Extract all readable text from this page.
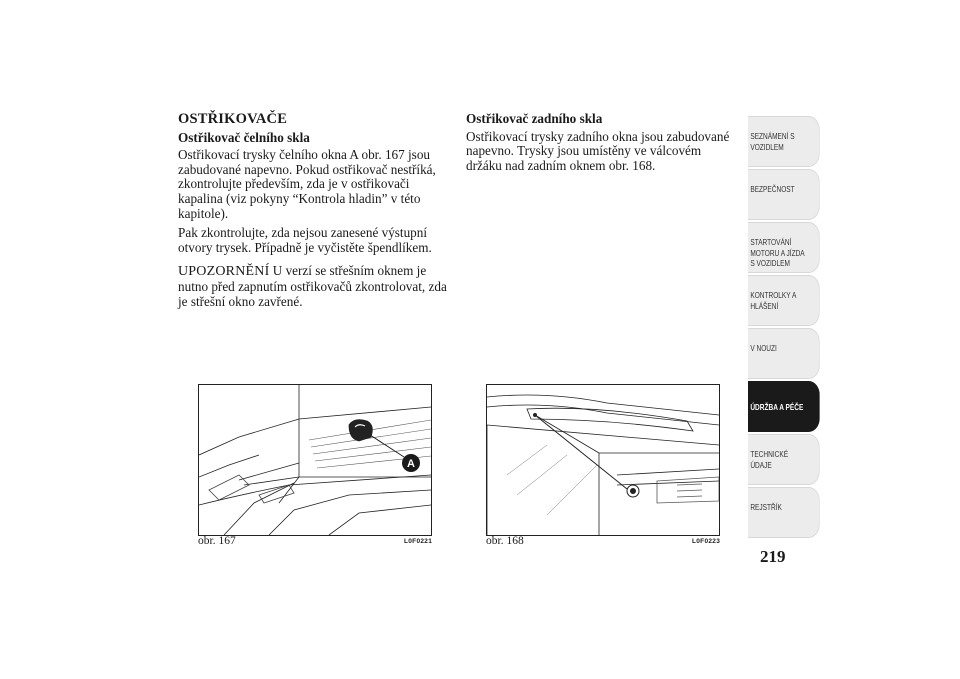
OSTŘIKOVAČE
Ostřikovač čelního skla

Ostřikovací trysky čelního okna A obr. 167 jsou zabudované napevno. Pokud ostřikovač nestříká, zkontrolujte především, zda je v ostřikovači kapalina (viz pokyny “Kontrola hladin” v této kapitole).

Pak zkontrolujte, zda nejsou zanesené výstupní otvory trysek. Případně je vyčistěte špendlíkem.

UPOZORNĚNÍ U verzí se střešním oknem je nutno před zapnutím ostřikovačů zkontrolovat, zda je střešní okno zavřené.

Ostřikovač zadního skla

Ostřikovací trysky zadního okna jsou zabudované napevno. Trysky jsou umístěny ve válcovém držáku nad zadním oknem obr. 168.

A
obr. 167	L0F0221	obr. 168	L0F0223
SEZNÁMENÍ S
VOZIDLEM
BEZPEČNOST
STARTOVÁNÍ
MOTORU A JÍZDA
S VOZIDLEM
KONTROLKY A
HLÁŠENÍ
V NOUZI
ÚDRŽBA A PÉČE
TECHNICKÉ
ÚDAJE
REJSTŘÍK
219
